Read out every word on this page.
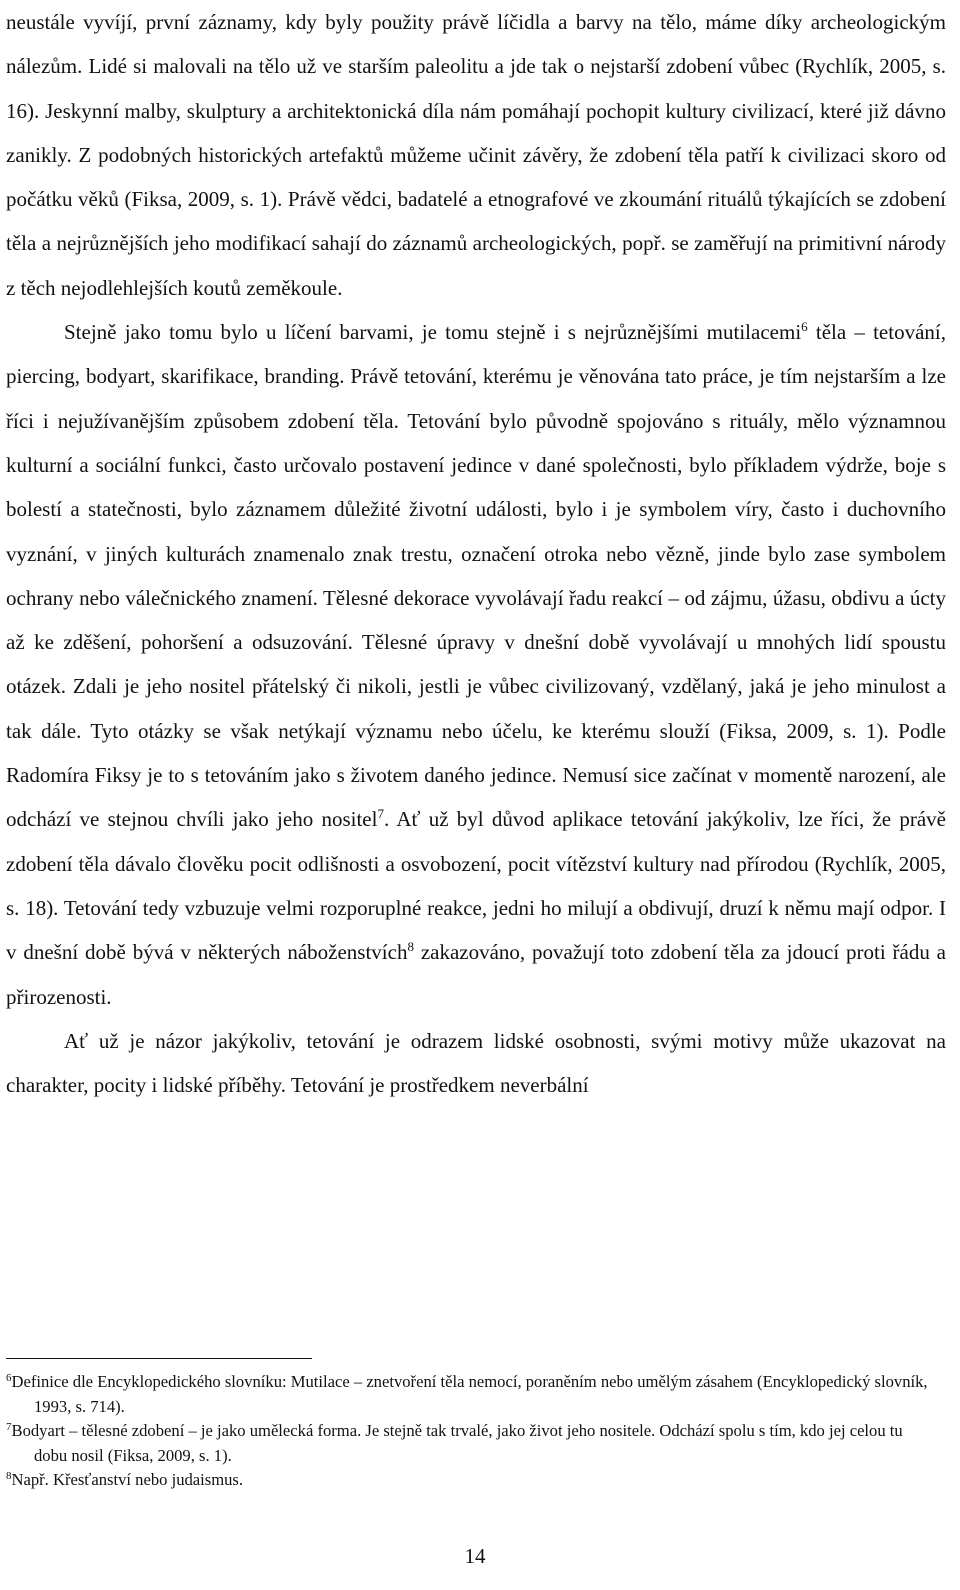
neustále vyvíjí, první záznamy, kdy byly použity právě líčidla a barvy na tělo, máme díky archeologickým nálezům. Lidé si malovali na tělo už ve starším paleolitu a jde tak o nejstarší zdobení vůbec (Rychlík, 2005, s. 16). Jeskynní malby, skulptury a architektonická díla nám pomáhají pochopit kultury civilizací, které již dávno zanikly. Z podobných historických artefaktů můžeme učinit závěry, že zdobení těla patří k civilizaci skoro od počátku věků (Fiksa, 2009, s. 1). Právě vědci, badatelé a etnografové ve zkoumání rituálů týkajících se zdobení těla a nejrůznějších jeho modifikací sahají do záznamů archeologických, popř. se zaměřují na primitivní národy z těch nejodlehlejších koutů zeměkoule.

Stejně jako tomu bylo u líčení barvami, je tomu stejně i s nejrůznějšími mutilacemi$^6$ těla – tetování, piercing, bodyart, skarifikace, branding. Právě tetování, kterému je věnována tato práce, je tím nejstarším a lze říci i nejužívanějším způsobem zdobení těla. Tetování bylo původně spojováno s rituály, mělo významnou kulturní a sociální funkci, často určovalo postavení jedince v dané společnosti, bylo příkladem výdrže, boje s bolestí a statečnosti, bylo záznamem důležité životní události, bylo i je symbolem víry, často i duchovního vyznání, v jiných kulturách znamenalo znak trestu, označení otroka nebo vězně, jinde bylo zase symbolem ochrany nebo válečnického znamení. Tělesné dekorace vyvolávají řadu reakcí – od zájmu, úžasu, obdivu a úcty až ke zděšení, pohoršení a odsuzování. Tělesné úpravy v dnešní době vyvolávají u mnohých lidí spoustu otázek. Zdali je jeho nositel přátelský či nikoli, jestli je vůbec civilizovaný, vzdělaný, jaká je jeho minulost a tak dále. Tyto otázky se však netýkají významu nebo účelu, ke kterému slouží (Fiksa, 2009, s. 1). Podle Radomíra Fiksy je to s tetováním jako s životem daného jedince. Nemusí sice začínat v momentě narození, ale odchází ve stejnou chvíli jako jeho nositel$^7$. Ať už byl důvod aplikace tetování jakýkoliv, lze říci, že právě zdobení těla dávalo člověku pocit odlišnosti a osvobození, pocit vítězství kultury nad přírodou (Rychlík, 2005, s. 18). Tetování tedy vzbuzuje velmi rozporuplné reakce, jedni ho milují a obdivují, druzí k němu mají odpor. I v dnešní době bývá v některých náboženstvích$^8$ zakazováno, považují toto zdobení těla za jdoucí proti řádu a přirozenosti.

Ať už je názor jakýkoliv, tetování je odrazem lidské osobnosti, svými motivy může ukazovat na charakter, pocity i lidské příběhy. Tetování je prostředkem neverbální

$^6$Definice dle Encyklopedického slovníku: Mutilace – znetvoření těla nemocí, poraněním nebo umělým zásahem (Encyklopedický slovník, 1993, s. 714).

$^7$Bodyart – tělesné zdobení – je jako umělecká forma. Je stejně tak trvalé, jako život jeho nositele. Odchází spolu s tím, kdo jej celou tu dobu nosil (Fiksa, 2009, s. 1).

$^8$Např. Křesťanství nebo judaismus.

14
